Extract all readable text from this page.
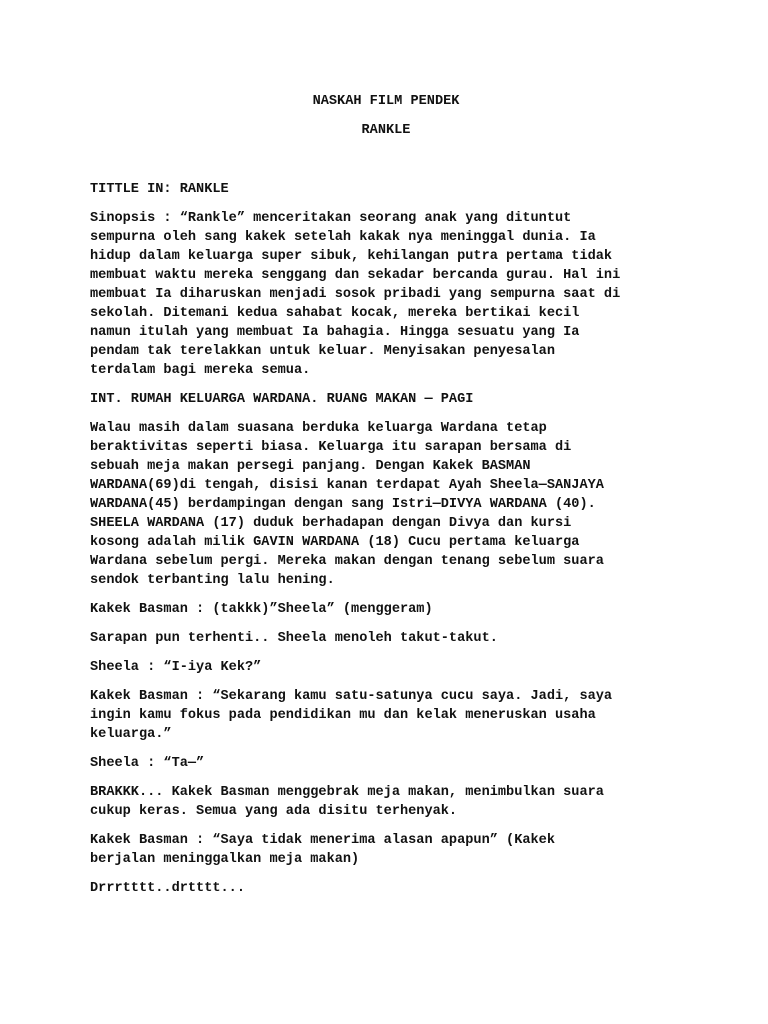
NASKAH FILM PENDEK
RANKLE
TITTLE IN: RANKLE
Sinopsis : “Rankle” menceritakan seorang anak yang dituntut
sempurna oleh sang kakek setelah kakak nya meninggal dunia. Ia
hidup dalam keluarga super sibuk, kehilangan putra pertama tidak
membuat waktu mereka senggang dan sekadar bercanda gurau. Hal ini
membuat Ia diharuskan menjadi sosok pribadi yang sempurna saat di
sekolah. Ditemani kedua sahabat kocak, mereka bertikai kecil
namun itulah yang membuat Ia bahagia. Hingga sesuatu yang Ia
pendam tak terelakkan untuk keluar. Menyisakan penyesalan
terdalam bagi mereka semua.
INT. RUMAH KELUARGA WARDANA. RUANG MAKAN — PAGI
Walau masih dalam suasana berduka keluarga Wardana tetap
beraktivitas seperti biasa. Keluarga itu sarapan bersama di
sebuah meja makan persegi panjang. Dengan Kakek BASMAN
WARDANA(69)di tengah, disisi kanan terdapat Ayah Sheela—SANJAYA
WARDANA(45) berdampingan dengan sang Istri—DIVYA WARDANA (40).
SHEELA WARDANA (17) duduk berhadapan dengan Divya dan kursi
kosong adalah milik GAVIN WARDANA (18) Cucu pertama keluarga
Wardana sebelum pergi. Mereka makan dengan tenang sebelum suara
sendok terbanting lalu hening.
Kakek Basman : (takkk)”Sheela” (menggeram)
Sarapan pun terhenti.. Sheela menoleh takut-takut.
Sheela : “I-iya Kek?”
Kakek Basman : “Sekarang kamu satu-satunya cucu saya. Jadi, saya
ingin kamu fokus pada pendidikan mu dan kelak meneruskan usaha
keluarga.”
Sheela : “Ta—”
BRAKKK... Kakek Basman menggebrak meja makan, menimbulkan suara
cukup keras. Semua yang ada disitu terhenyak.
Kakek Basman : “Saya tidak menerima alasan apapun” (Kakek
berjalan meninggalkan meja makan)
Drrrtttt..drtttt...
